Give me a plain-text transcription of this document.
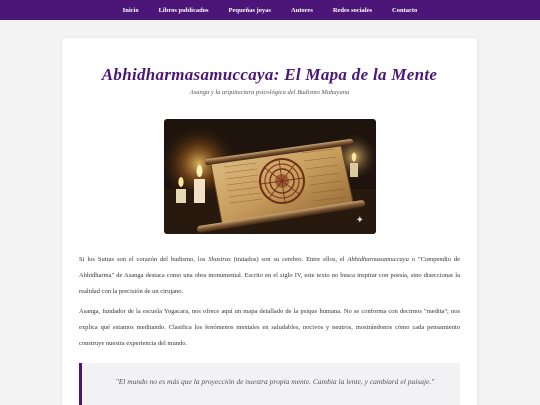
Inicio	Libros publicados	Pequeñas joyas	Autores	Redes sociales	Contacto
Abhidharmasamuccaya: El Mapa de la Mente
Asanga y la arquitectura psicológica del Budismo Mahayana
✦

Si los Sutras son el corazón del budismo, los Shastras (tratados) son su cerebro. Entre ellos, el Abhidharmasamuccaya o "Compendio de Abhidharma" de Asanga destaca como una obra monumental. Escrito en el siglo IV, este texto no busca inspirar con poesía, sino diseccionar la realidad con la precisión de un cirujano.

Asanga, fundador de la escuela Yogacara, nos ofrece aquí un mapa detallado de la psique humana. No se conforma con decirnos "medita"; nos explica qué estamos meditando. Clasifica los fenómenos mentales en saludables, nocivos y neutros, mostrándonos cómo cada pensamiento construye nuestra experiencia del mundo.

"El mundo no es más que la proyección de nuestra propia mente. Cambia la lente, y cambiará el paisaje."
